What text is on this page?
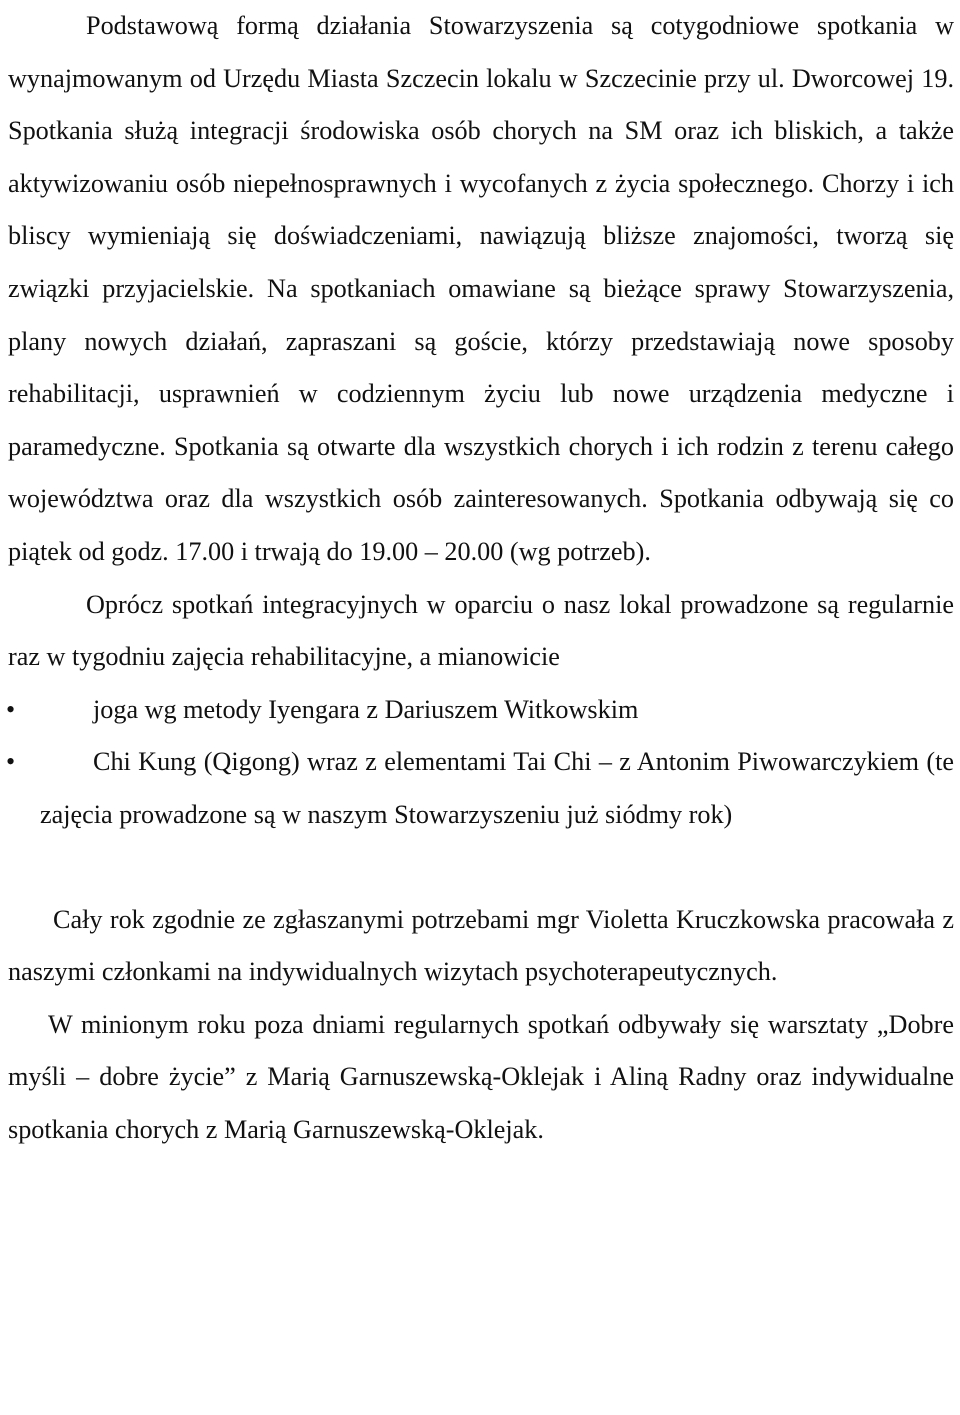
Podstawową formą działania Stowarzyszenia są cotygodniowe spotkania w wynajmowanym od Urzędu Miasta Szczecin lokalu w Szczecinie przy ul. Dworcowej 19. Spotkania służą integracji środowiska osób chorych na SM oraz ich bliskich, a także aktywizowaniu osób niepełnosprawnych i wycofanych z życia społecznego. Chorzy i ich bliscy wymieniają się doświadczeniami, nawiązują bliższe znajomości, tworzą się związki przyjacielskie. Na spotkaniach omawiane są bieżące sprawy Stowarzyszenia, plany nowych działań, zapraszani są goście, którzy przedstawiają nowe sposoby rehabilitacji, usprawnień w codziennym życiu lub nowe urządzenia medyczne i paramedyczne. Spotkania są otwarte dla wszystkich chorych i ich rodzin z terenu całego województwa oraz dla wszystkich osób zainteresowanych. Spotkania odbywają się co piątek od godz. 17.00 i trwają do 19.00 – 20.00 (wg potrzeb).

Oprócz spotkań integracyjnych w oparciu o nasz lokal prowadzone są regularnie raz w tygodniu zajęcia rehabilitacyjne, a mianowicie

•	joga wg metody Iyengara z Dariuszem Witkowskim
•	Chi Kung (Qigong) wraz z elementami Tai Chi – z Antonim Piwowarczykiem (te zajęcia prowadzone są w naszym Stowarzyszeniu już siódmy rok)

Cały rok zgodnie ze zgłaszanymi potrzebami mgr Violetta Kruczkowska pracowała z naszymi członkami na indywidualnych wizytach psychoterapeutycznych.

W minionym roku poza dniami regularnych spotkań odbywały się warsztaty „Dobre myśli – dobre życie” z Marią Garnuszewską-Oklejak i Aliną Radny oraz indywidualne spotkania chorych z Marią Garnuszewską-Oklejak.
